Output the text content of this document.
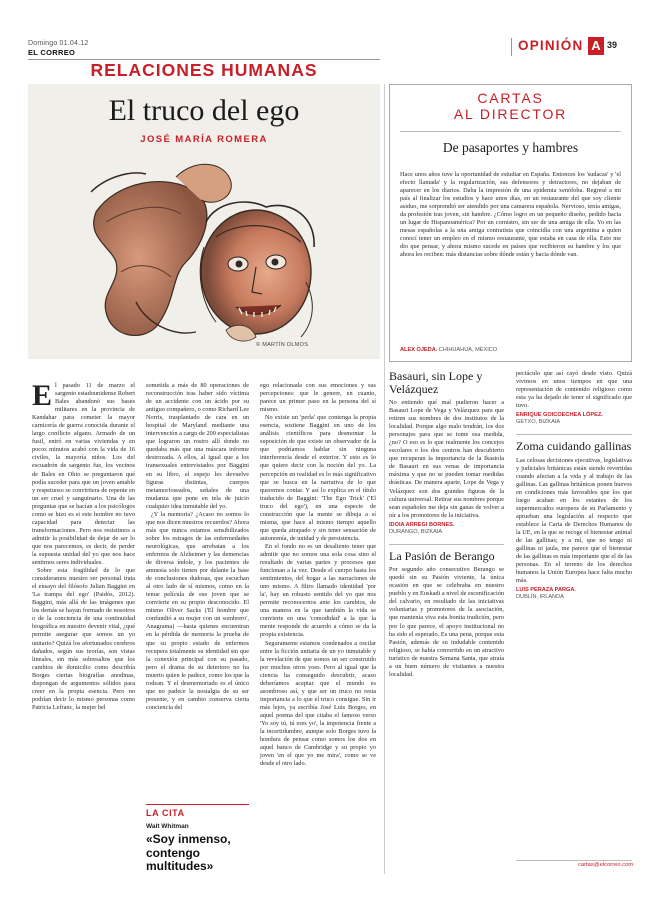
Domingo 01.04.12
EL CORREO
RELACIONES HUMANAS
OPINIÓN A 39
El truco del ego
JOSÉ MARÍA ROMERA
© MARTÍN OLMOS

El pasado 11 de marzo el sargento estadounidense Robert Bales abandonó sus bases militares en la provincia de Kandahar para cometer la mayor carnicería de guerra conocida durante el largo conflicto afgano. Armado de un fusil, entró en varias viviendas y en pocos minutos acabó con la vida de 16 civiles, la mayoría niños. Los del escuadrón de sargento fue, los vecinos de Bales en Ohio se preguntaron qué podía suceder para que un joven amable y respetuoso se convirtiera de repente en un ser cruel y sanguinario. Una de las preguntas que se hacían a los psicólogos como se hizo es si este hombre no tuvo capacidad para detectar las transformaciones. Pero nos resistimos a admitir la posibilidad de dejar de ser lo que nos parecemos, es decir, de perder la supuesta unidad del yo que nos hace sentirnos seres individuales.

Sobre esta fragilidad de lo que consideramos nuestro ser personal trata el ensayo del filósofo Julian Baggini en 'La trampa del ego' (Paidós, 2012). Baggini, más allá de las imágenes que los demás se hayan formado de nosotros o de la conciencia de una continuidad biográfica en nuestro devenir vital, ¿qué permite asegurar que somos un yo unitario? Quizá los afortunados cerebros dañados, según sus teorías, son vistas lineales, sin más sobresaltos que los cambios de domicilio como describía Borges ciertas biografías anodinas, dispongan de argumentos sólidos para creer en la propia esencia. Pero no podrían decir lo mismo personas como Patricia Lefranc, la mujer bel

sometida a más de 80 operaciones de reconstrucción tras haber sido víctima de un accidente con un ácido por su antiguo compañero, o como Richard Lee Norris, trasplantado de cara en un hospital de Maryland mediante una intervención a cargo de 200 especialistas que lograron un rostro allí donde no quedaba más que una máscara informe destrozada. A ellos, al igual que a los transexuales entrevistados por Baggini en su libro, el espejo les devuelve figuras distintas, cuerpos metamorfoseados, señales de una mudanza que pone en tela de juicio cualquier idea inmutable del yo.

¿Y la memoria? ¿Acaso no somos lo que nos dicen nuestros recuerdos? Ahora más que nunca estamos sensibilizados sobre los estragos de las enfermedades neurológicas, que arrebatan a los enfermos de Alzheimer y las demencias de diversa índole, y los pacientes de amnesia solo tienen por delante la base de conclusiones dudosas, que escuchan al otro lado de sí mismos, como en la tenue película de ese joven que se convierte en su propio desconocido. El mismo Oliver Sacks ('El hombre que confundió a su mujer con un sombrero', Anagrama) —hasta quienes encuentran en la pérdida de memoria la prueba de que su propio estado de enfermos recupera totalmente su identidad sin que la conexión principal con su pasado, pero el drama de su deterioro no ha muerto quien le padece, como los que la rodean. Y el desmemoriado es el único que no padece la nostalgia de su ser presente, y en cambio conserva cierta conciencia del

ego relacionada con sus emociones y sus percepciones: que le genere, en cuanto, parece un primer paso en la persona del sí mismo.

No existe un 'perla' que contenga la propia esencia, sostiene Baggini en uno de los análisis científicos para desmontar la suposición de que existe un observador de la que podríamos hablar sin ninguna interferencia desde el exterior. Y esto es lo que quiere decir con la noción del yo. La percepción en realidad es lo más significativo que se busca en la narrativa de lo que queremos contar. Y así lo explica en el título traducido de Baggini: 'The Ego Trick' ('El truco del ego'), en una especie de construcción que la mente se dibuja a sí misma, que hace al mismo tiempo aquello que queda atrapado y sin tener sensación de autonomía, de unidad y de persistencia.

En el fondo no es un desaliento tener que admitir que no somos una sola cosa sino el resultado de varias partes y procesos que funcionan a la vez. Desde el cuerpo hasta los sentimientos, del hogar a las narraciones de uno mismo. A filtro llamado identidad 'por la', hay un robusto sentido del yo que nos permite reconocernos ante los cambios, de una manera en la que también la vida se convierte en una 'comodidad' a la que la mente responde de acuerdo a cómo se da la propia existencia.

Seguramente estamos condenados a oscilar entre la ficción unitaria de un yo inmutable y la revelación de que somos un ser construido por muchos otros yoes. Pero al igual que la ciencia ha conseguido descubrir, acaso deberíamos aceptar que el mundo es asombroso así, y que ser un truco no resta importancia a lo que el truco consigue. Sin ir más lejos, ya escribía José Luis Borges, en aquel poema del que citaba el famoso verso 'Yo soy tú, tú eres yo', la impotencia frente a la incertidumbre, aunque solo Borges tuvo la hondura de pensar como somos los dos en aquel banco de Cambridge y su propio yo joven 'en el que yo me mira', como se ve desde el otro lado.

LA CITA
Walt Whitman
«Soy inmenso, contengo multitudes»
CARTAS
AL DIRECTOR
De pasaportes y hambres
Hace unos años tuve la oportunidad de estudiar en España. Entonces los 'sudacas' y 'el efecto llamada' y la regularización, sus defensores y detractores, no dejaban de aparecer en los diarios. Daba la impresión de una epidemia xenófoba. Regresé a mi país al finalizar los estudios y hace unos días, en un restaurante del que soy cliente asiduo, me sorprendió ser atendido por una camarera española. Nervioso, tenía amigas, da profesión tras joven, sin hambre. ¿Cómo logro en un pequeño diseño, pedido hacia un lugar de Hispanoamérica? Por un cornistro, sin ser de una amiga de ella. Yo en las mesas españolas a la una amiga contratista que coincidía con una argentina a quien conocí tener un empleo en el mismo restaurante, que estaba en casa de ella. Esto me dio que pensar, y ahora mismo sucede en países que recibieron su hambre y los que ahora les reciben: más distancias sobre dónde están y hacia dónde van.
ALEX OJEDA. CHIHUAHUA, MÉXICO
Basauri, sin Lope y Velázquez
No entiendo qué mal pudieron hacer a Basauri Lope de Vega y Velázquez para que retiren sus nombres de dos institutos de la localidad. Porque algo malo tendrán, los dos personajes para que se tome esa medida, ¿no? O eso es lo que realmente los concejos escolares o los dos centros han descubierto que recuperan la importancia de la Ikastola de Basauri en sus venas de importancia máxima y que no se pueden tomar medidas drásticas. De manera aparte, Lope de Vega y Velázquez son dos grandes figuras de la cultura universal. Retirar sus nombres porque sean españoles me deja sin ganas de volver a oír a los promotores de la iniciativa.
IDOIA ARREGI BORNES.
DURANGO, BIZKAIA
La Pasión de Berango
Por segundo año consecutivo Berango se quedó sin su Pasión viviente, la única ocasión en que se celebraba en nuestro pueblo y en Euskadi a nivel de escenificación del calvario, en resultado de las iniciativas voluntarias y promotores de la asociación, que mantenía viva esta bonita tradición, pero por lo que parece, el apoyo institucional no ha sido el esperado. Es una pena, porque esta Pasión, además de su indudable contenido religioso, se había convertido en un atractivo turístico de nuestra Semana Santa, que atraía a un buen número de visitantes a nuestra localidad.
pectáculo que así cayó desde visto. Quizá vivimos en unos tiempos en que una representación de contenido religioso como esta ya ha dejado de tener el significado que tuvo.
ENRIQUE GOICOECHEA LÓPEZ.
GETXO, BIZKAIA
Zoma cuidando gallinas
Las celosas decisiones ejecutivas, legislativas y judiciales británicas están siendo revertidas cuando afectan a la vida y al trabajo de las gallinas. Las gallinas británicas ponen huevos en condiciones más favorables que los que luego acaban en los estantes de los supermercados europeos de su Parlamento y aprueban una legislación al respecto que establece la Carta de Derechos Humanos de la UE, en la que se recoge el bienestar animal de las gallinas; y a mí, que no tengo ni gallinas ni jaula, me parece que el bienestar de las gallinas es más importante que el de las personas. En el terreno de los derechos humanos la Unión Europea hace falta mucho más.
LUIS PERAZA PARGA.
DUBLÍN, IRLANDA
cartas@elcorreo.com
